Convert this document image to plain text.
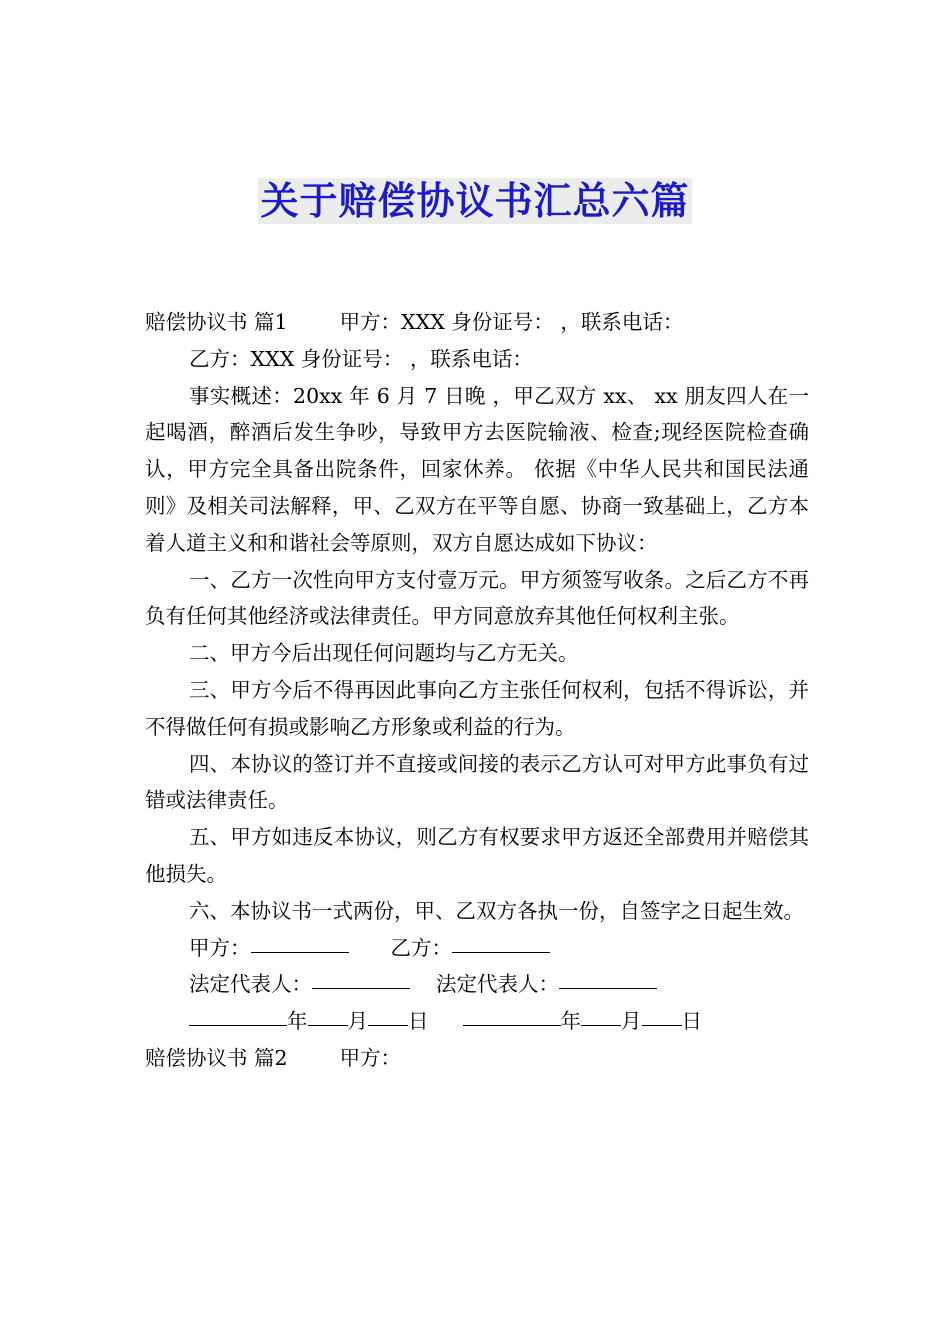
关于赔偿协议书汇总六篇
赔偿协议书 篇1	甲方：XXX 身份证号： ，联系电话：
乙方：XXX 身份证号： ，联系电话：
事实概述：20xx 年 6 月 7 日晚 ，甲乙双方 xx、 xx 朋友四人在一起喝酒，醉酒后发生争吵，导致甲方去医院输液、检查;现经医院检查确认，甲方完全具备出院条件，回家休养。 依据《中华人民共和国民法通则》及相关司法解释，甲、乙双方在平等自愿、协商一致基础上，乙方本着人道主义和和谐社会等原则，双方自愿达成如下协议：
一、乙方一次性向甲方支付壹万元。甲方须签写收条。之后乙方不再负有任何其他经济或法律责任。甲方同意放弃其他任何权利主张。
二、甲方今后出现任何问题均与乙方无关。
三、甲方今后不得再因此事向乙方主张任何权利，包括不得诉讼，并不得做任何有损或影响乙方形象或利益的行为。
四、本协议的签订并不直接或间接的表示乙方认可对甲方此事负有过错或法律责任。
五、甲方如违反本协议，则乙方有权要求甲方返还全部费用并赔偿其他损失。
六、本协议书一式两份，甲、乙双方各执一份，自签字之日起生效。
甲方：	乙方：
法定代表人：	法定代表人：
年 月 日	年 月 日
赔偿协议书 篇2	甲方：
